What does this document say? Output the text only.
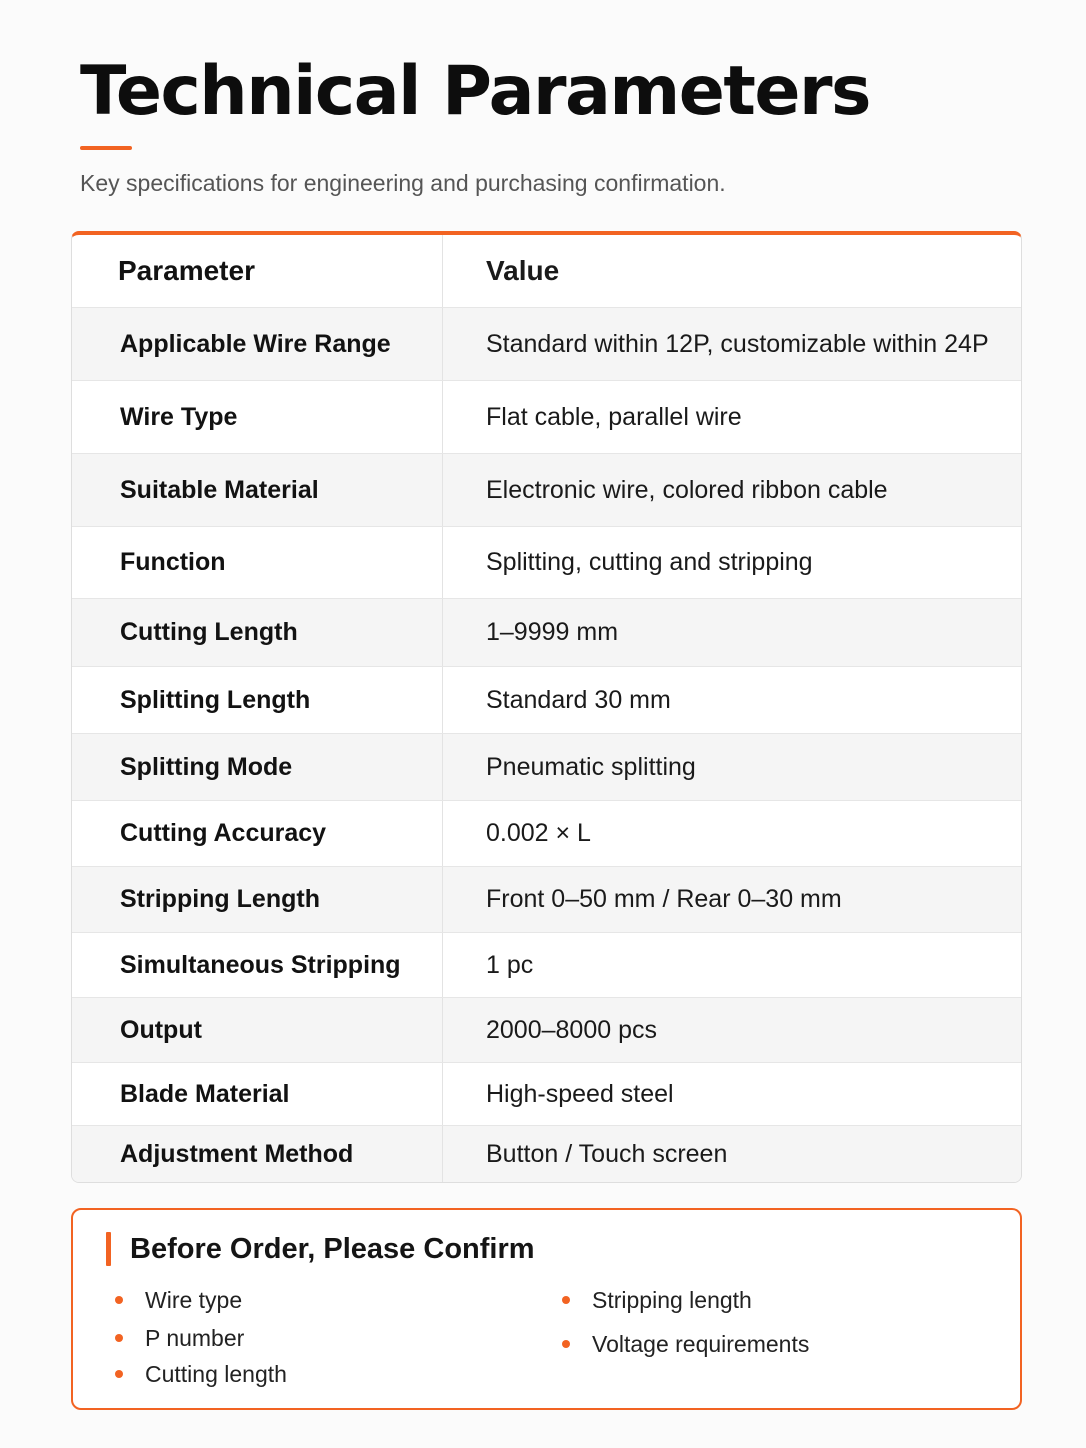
Technical Parameters
Key specifications for engineering and purchasing confirmation.
Parameter	Value
Applicable Wire Range	Standard within 12P, customizable within 24P
Wire Type	Flat cable, parallel wire
Suitable Material	Electronic wire, colored ribbon cable
Function	Splitting, cutting and stripping
Cutting Length	1–9999 mm
Splitting Length	Standard 30 mm
Splitting Mode	Pneumatic splitting
Cutting Accuracy	0.002 × L
Stripping Length	Front 0–50 mm / Rear 0–30 mm
Simultaneous Stripping	1 pc
Output	2000–8000 pcs
Blade Material	High-speed steel
Adjustment Method	Button / Touch screen
Before Order, Please Confirm
Wire type
P number
Cutting length
Stripping length
Voltage requirements
